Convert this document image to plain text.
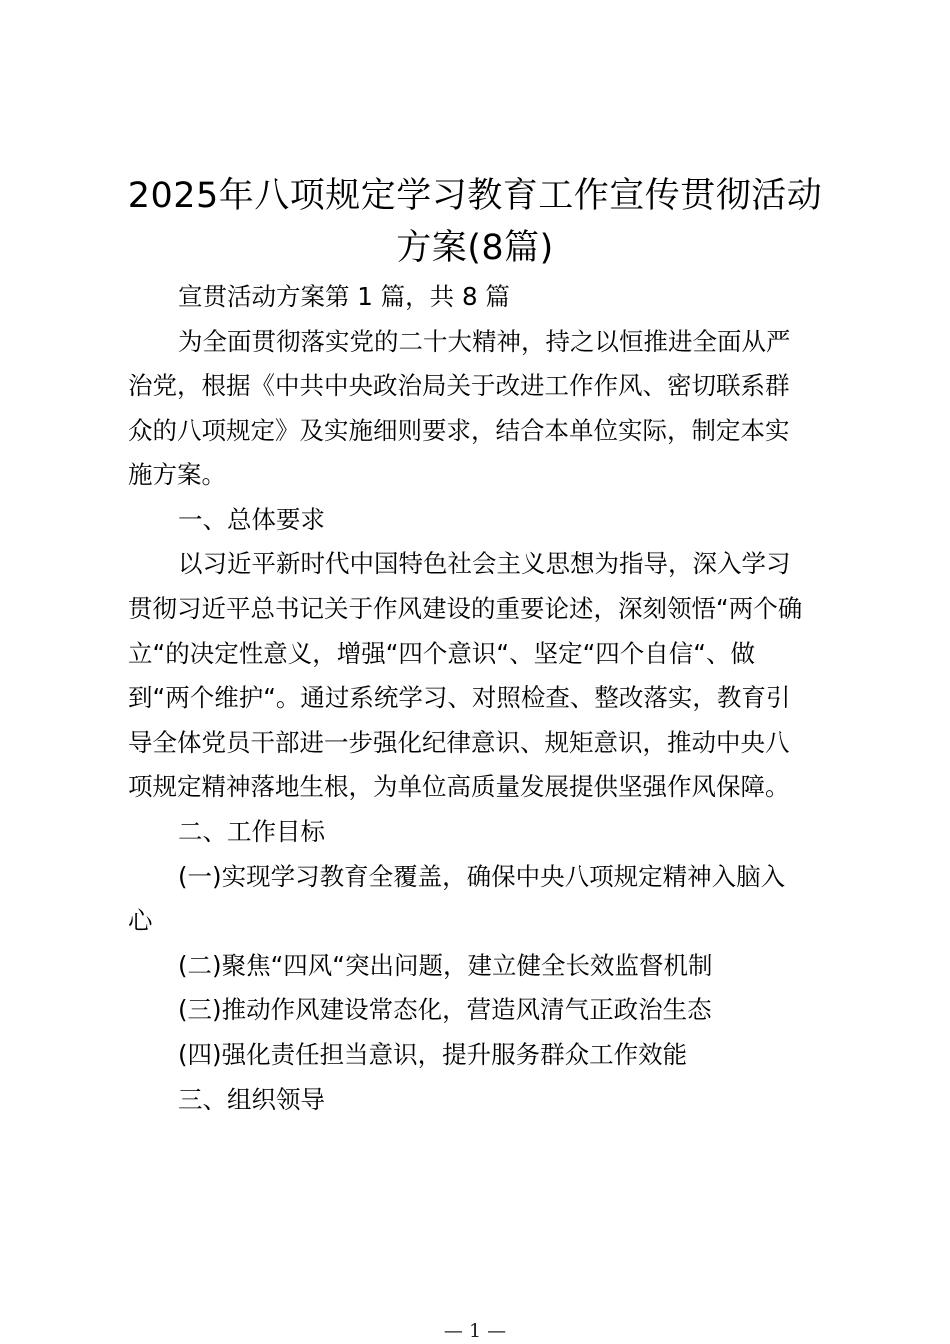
2025年八项规定学习教育工作宣传贯彻活动
方案(8篇)
宣贯活动方案第 1 篇，共 8 篇
为全面贯彻落实党的二十大精神，持之以恒推进全面从严
治党，根据《中共中央政治局关于改进工作作风、密切联系群
众的八项规定》及实施细则要求，结合本单位实际，制定本实
施方案。
一、总体要求
以习近平新时代中国特色社会主义思想为指导，深入学习
贯彻习近平总书记关于作风建设的重要论述，深刻领悟“两个确
立“的决定性意义，增强“四个意识“、坚定“四个自信“、做
到“两个维护“。通过系统学习、对照检查、整改落实，教育引
导全体党员干部进一步强化纪律意识、规矩意识，推动中央八
项规定精神落地生根，为单位高质量发展提供坚强作风保障。
二、工作目标
(一)实现学习教育全覆盖，确保中央八项规定精神入脑入
心
(二)聚焦“四风“突出问题，建立健全长效监督机制
(三)推动作风建设常态化，营造风清气正政治生态
(四)强化责任担当意识，提升服务群众工作效能
三、组织领导
— 1 —
